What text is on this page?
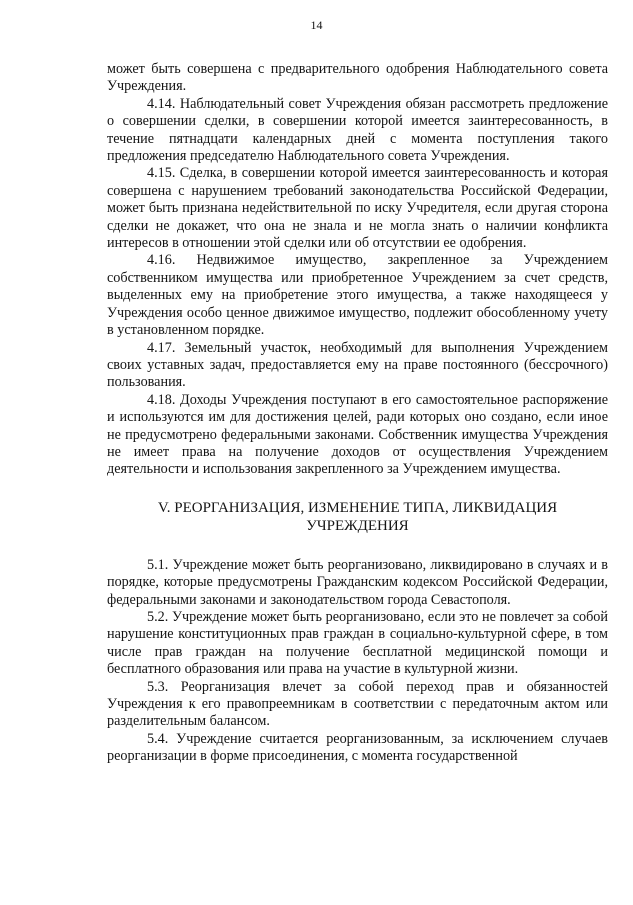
14

может быть совершена с предварительного одобрения Наблюдательного совета Учреждения.

4.14. Наблюдательный совет Учреждения обязан рассмотреть предложение о совершении сделки, в совершении которой имеется заинтересованность, в течение пятнадцати календарных дней с момента поступления такого предложения председателю Наблюдательного совета Учреждения.

4.15. Сделка, в совершении которой имеется заинтересованность и которая совершена с нарушением требований законодательства Российской Федерации, может быть признана недействительной по иску Учредителя, если другая сторона сделки не докажет, что она не знала и не могла знать о наличии конфликта интересов в отношении этой сделки или об отсутствии ее одобрения.

4.16. Недвижимое имущество, закрепленное за Учреждением собственником имущества или приобретенное Учреждением за счет средств, выделенных ему на приобретение этого имущества, а также находящееся у Учреждения особо ценное движимое имущество, подлежит обособленному учету в установленном порядке.

4.17. Земельный участок, необходимый для выполнения Учреждением своих уставных задач, предоставляется ему на праве постоянного (бессрочного) пользования.

4.18. Доходы Учреждения поступают в его самостоятельное распоряжение и используются им для достижения целей, ради которых оно создано, если иное не предусмотрено федеральными законами. Собственник имущества Учреждения не имеет права на получение доходов от осуществления Учреждением деятельности и использования закрепленного за Учреждением имущества.

V. РЕОРГАНИЗАЦИЯ, ИЗМЕНЕНИЕ ТИПА, ЛИКВИДАЦИЯ
УЧРЕЖДЕНИЯ

5.1. Учреждение может быть реорганизовано, ликвидировано в случаях и в порядке, которые предусмотрены Гражданским кодексом Российской Федерации, федеральными законами и законодательством города Севастополя.

5.2. Учреждение может быть реорганизовано, если это не повлечет за собой нарушение конституционных прав граждан в социально-культурной сфере, в том числе прав граждан на получение бесплатной медицинской помощи и бесплатного образования или права на участие в культурной жизни.

5.3. Реорганизация влечет за собой переход прав и обязанностей Учреждения к его правопреемникам в соответствии с передаточным актом или разделительным балансом.

5.4. Учреждение считается реорганизованным, за исключением случаев реорганизации в форме присоединения, с момента государственной
